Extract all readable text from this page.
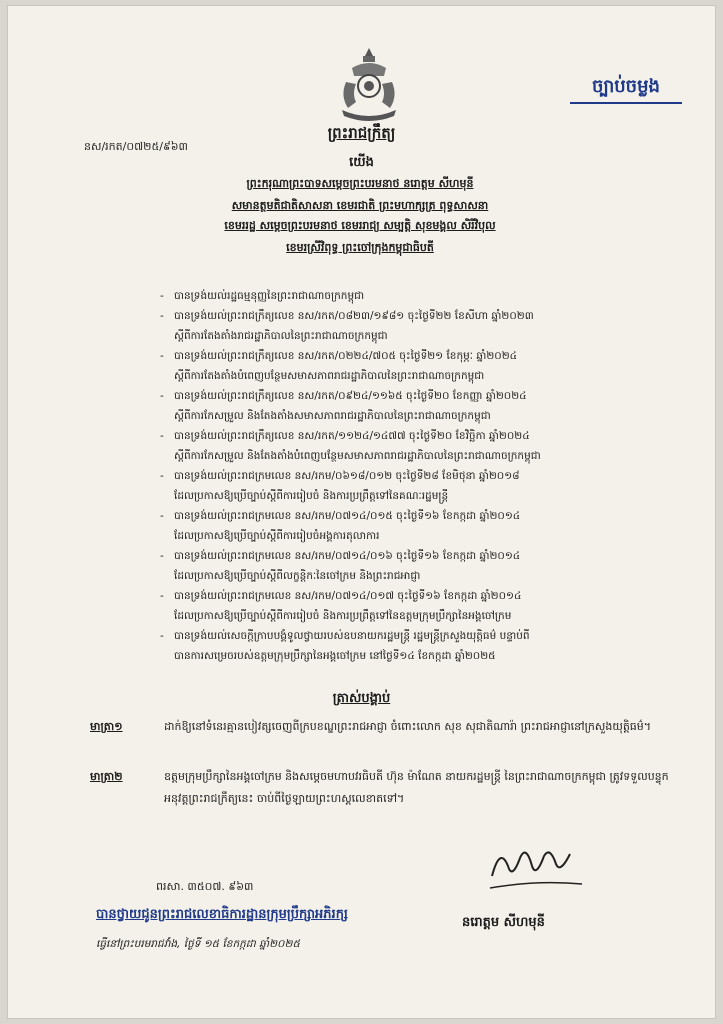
ច្បាប់ចម្លង
ព្រះរាជក្រឹត្យ
នស/រកត/០៧២៥/៩៦៣
យើង
ព្រះករុណាព្រះបាទសម្តេចព្រះបរមនាថ នរោត្តម សីហមុនី
សមានត្ថមតិជាតិសាសនា ខេមរជាតិ ព្រះមហាក្សត្រ ពុទ្ធសាសនា
ខេមររដ្ឋ សម្តេចព្រះបរមនាថ ខេមររាជ្យ សម្បត្តិ សុខមង្គល សិរីវិបុល
ខេមរស្រីវិពុទ្ធ ព្រះចៅក្រុងកម្ពុជាធិបតី
- បានទ្រង់យល់រដ្ឋធម្មនុញ្ញនៃព្រះរាជាណាចក្រកម្ពុជា
- បានទ្រង់យល់ព្រះរាជក្រឹត្យលេខ នស/រកត/០៨២៣/១៩៨១ ចុះថ្ងៃទី២២ ខែសីហា ឆ្នាំ២០២៣
ស្តីពីការតែងតាំងរាជរដ្ឋាភិបាលនៃព្រះរាជាណាចក្រកម្ពុជា
- បានទ្រង់យល់ព្រះរាជក្រឹត្យលេខ នស/រកត/០២២៤/៧០៥ ចុះថ្ងៃទី២១ ខែកុម្ភៈ ឆ្នាំ២០២៤
ស្តីពីការតែងតាំងបំពេញបន្ថែមសមាសភាពរាជរដ្ឋាភិបាលនៃព្រះរាជាណាចក្រកម្ពុជា
- បានទ្រង់យល់ព្រះរាជក្រឹត្យលេខ នស/រកត/០៩២៤/១១៦៥ ចុះថ្ងៃទី២០ ខែកញ្ញា ឆ្នាំ២០២៤
ស្តីពីការកែសម្រួល និងតែងតាំងសមាសភាពរាជរដ្ឋាភិបាលនៃព្រះរាជាណាចក្រកម្ពុជា
- បានទ្រង់យល់ព្រះរាជក្រឹត្យលេខ នស/រកត/១១២៤/១៤៧៧ ចុះថ្ងៃទី២០ ខែវិច្ឆិកា ឆ្នាំ២០២៤
ស្តីពីការកែសម្រួល និងតែងតាំងបំពេញបន្ថែមសមាសភាពរាជរដ្ឋាភិបាលនៃព្រះរាជាណាចក្រកម្ពុជា
- បានទ្រង់យល់ព្រះរាជក្រមលេខ នស/រកម/០៦១៨/០១២ ចុះថ្ងៃទី២៨ ខែមិថុនា ឆ្នាំ២០១៨
ដែលប្រកាសឱ្យប្រើច្បាប់ស្តីពីការរៀបចំ និងការប្រព្រឹត្តទៅនៃគណៈរដ្ឋមន្ត្រី
- បានទ្រង់យល់ព្រះរាជក្រមលេខ នស/រកម/០៧១៤/០១៥ ចុះថ្ងៃទី១៦ ខែកក្កដា ឆ្នាំ២០១៤
ដែលប្រកាសឱ្យប្រើច្បាប់ស្តីពីការរៀបចំអង្គការតុលាការ
- បានទ្រង់យល់ព្រះរាជក្រមលេខ នស/រកម/០៧១៤/០១៦ ចុះថ្ងៃទី១៦ ខែកក្កដា ឆ្នាំ២០១៤
ដែលប្រកាសឱ្យប្រើច្បាប់ស្តីពីលក្ខន្តិកៈនៃចៅក្រម និងព្រះរាជអាជ្ញា
- បានទ្រង់យល់ព្រះរាជក្រមលេខ នស/រកម/០៧១៤/០១៧ ចុះថ្ងៃទី១៦ ខែកក្កដា ឆ្នាំ២០១៤
ដែលប្រកាសឱ្យប្រើច្បាប់ស្តីពីការរៀបចំ និងការប្រព្រឹត្តទៅនៃឧត្តមក្រុមប្រឹក្សានៃអង្គចៅក្រម
- បានទ្រង់យល់សេចក្តីក្រាបបង្គំទូលថ្វាយរបស់ឧបនាយករដ្ឋមន្ត្រី រដ្ឋមន្ត្រីក្រសួងយុត្តិធម៌ បន្ទាប់ពី
បានការសម្រេចរបស់ឧត្តមក្រុមប្រឹក្សានៃអង្គចៅក្រម នៅថ្ងៃទី១៤ ខែកក្កដា ឆ្នាំ២០២៥
ត្រាស់បង្គាប់
មាត្រា១	ដាក់ឱ្យនៅទំនេរគ្មានបៀវត្សចេញពីក្របខណ្ឌព្រះរាជអាជ្ញា ចំពោះលោក សុខ សុជាតិណារ៉ា ព្រះរាជអាជ្ញានៅក្រសួងយុត្តិធម៌។
មាត្រា២	ឧត្តមក្រុមប្រឹក្សានៃអង្គចៅក្រម និងសម្តេចមហាបវរធិបតី ហ៊ុន ម៉ាណែត នាយករដ្ឋមន្ត្រី នៃព្រះរាជាណាចក្រកម្ពុជា ត្រូវទទួលបន្ទុកអនុវត្តព្រះរាជក្រឹត្យនេះ ចាប់ពីថ្ងៃឡាយព្រះហស្តលេខាតទៅ។
នរោត្តម សីហមុនី
ពរសា. ៣៥០៧. ៩៦៣
បានថ្វាយជូនព្រះរាជលេខាធិការដ្ឋានក្រុមប្រឹក្សាអភិរក្ស
ធ្វើនៅព្រះបរមរាជវាំង, ថ្ងៃទី ១៥ ខែកក្កដា ឆ្នាំ២០២៥
